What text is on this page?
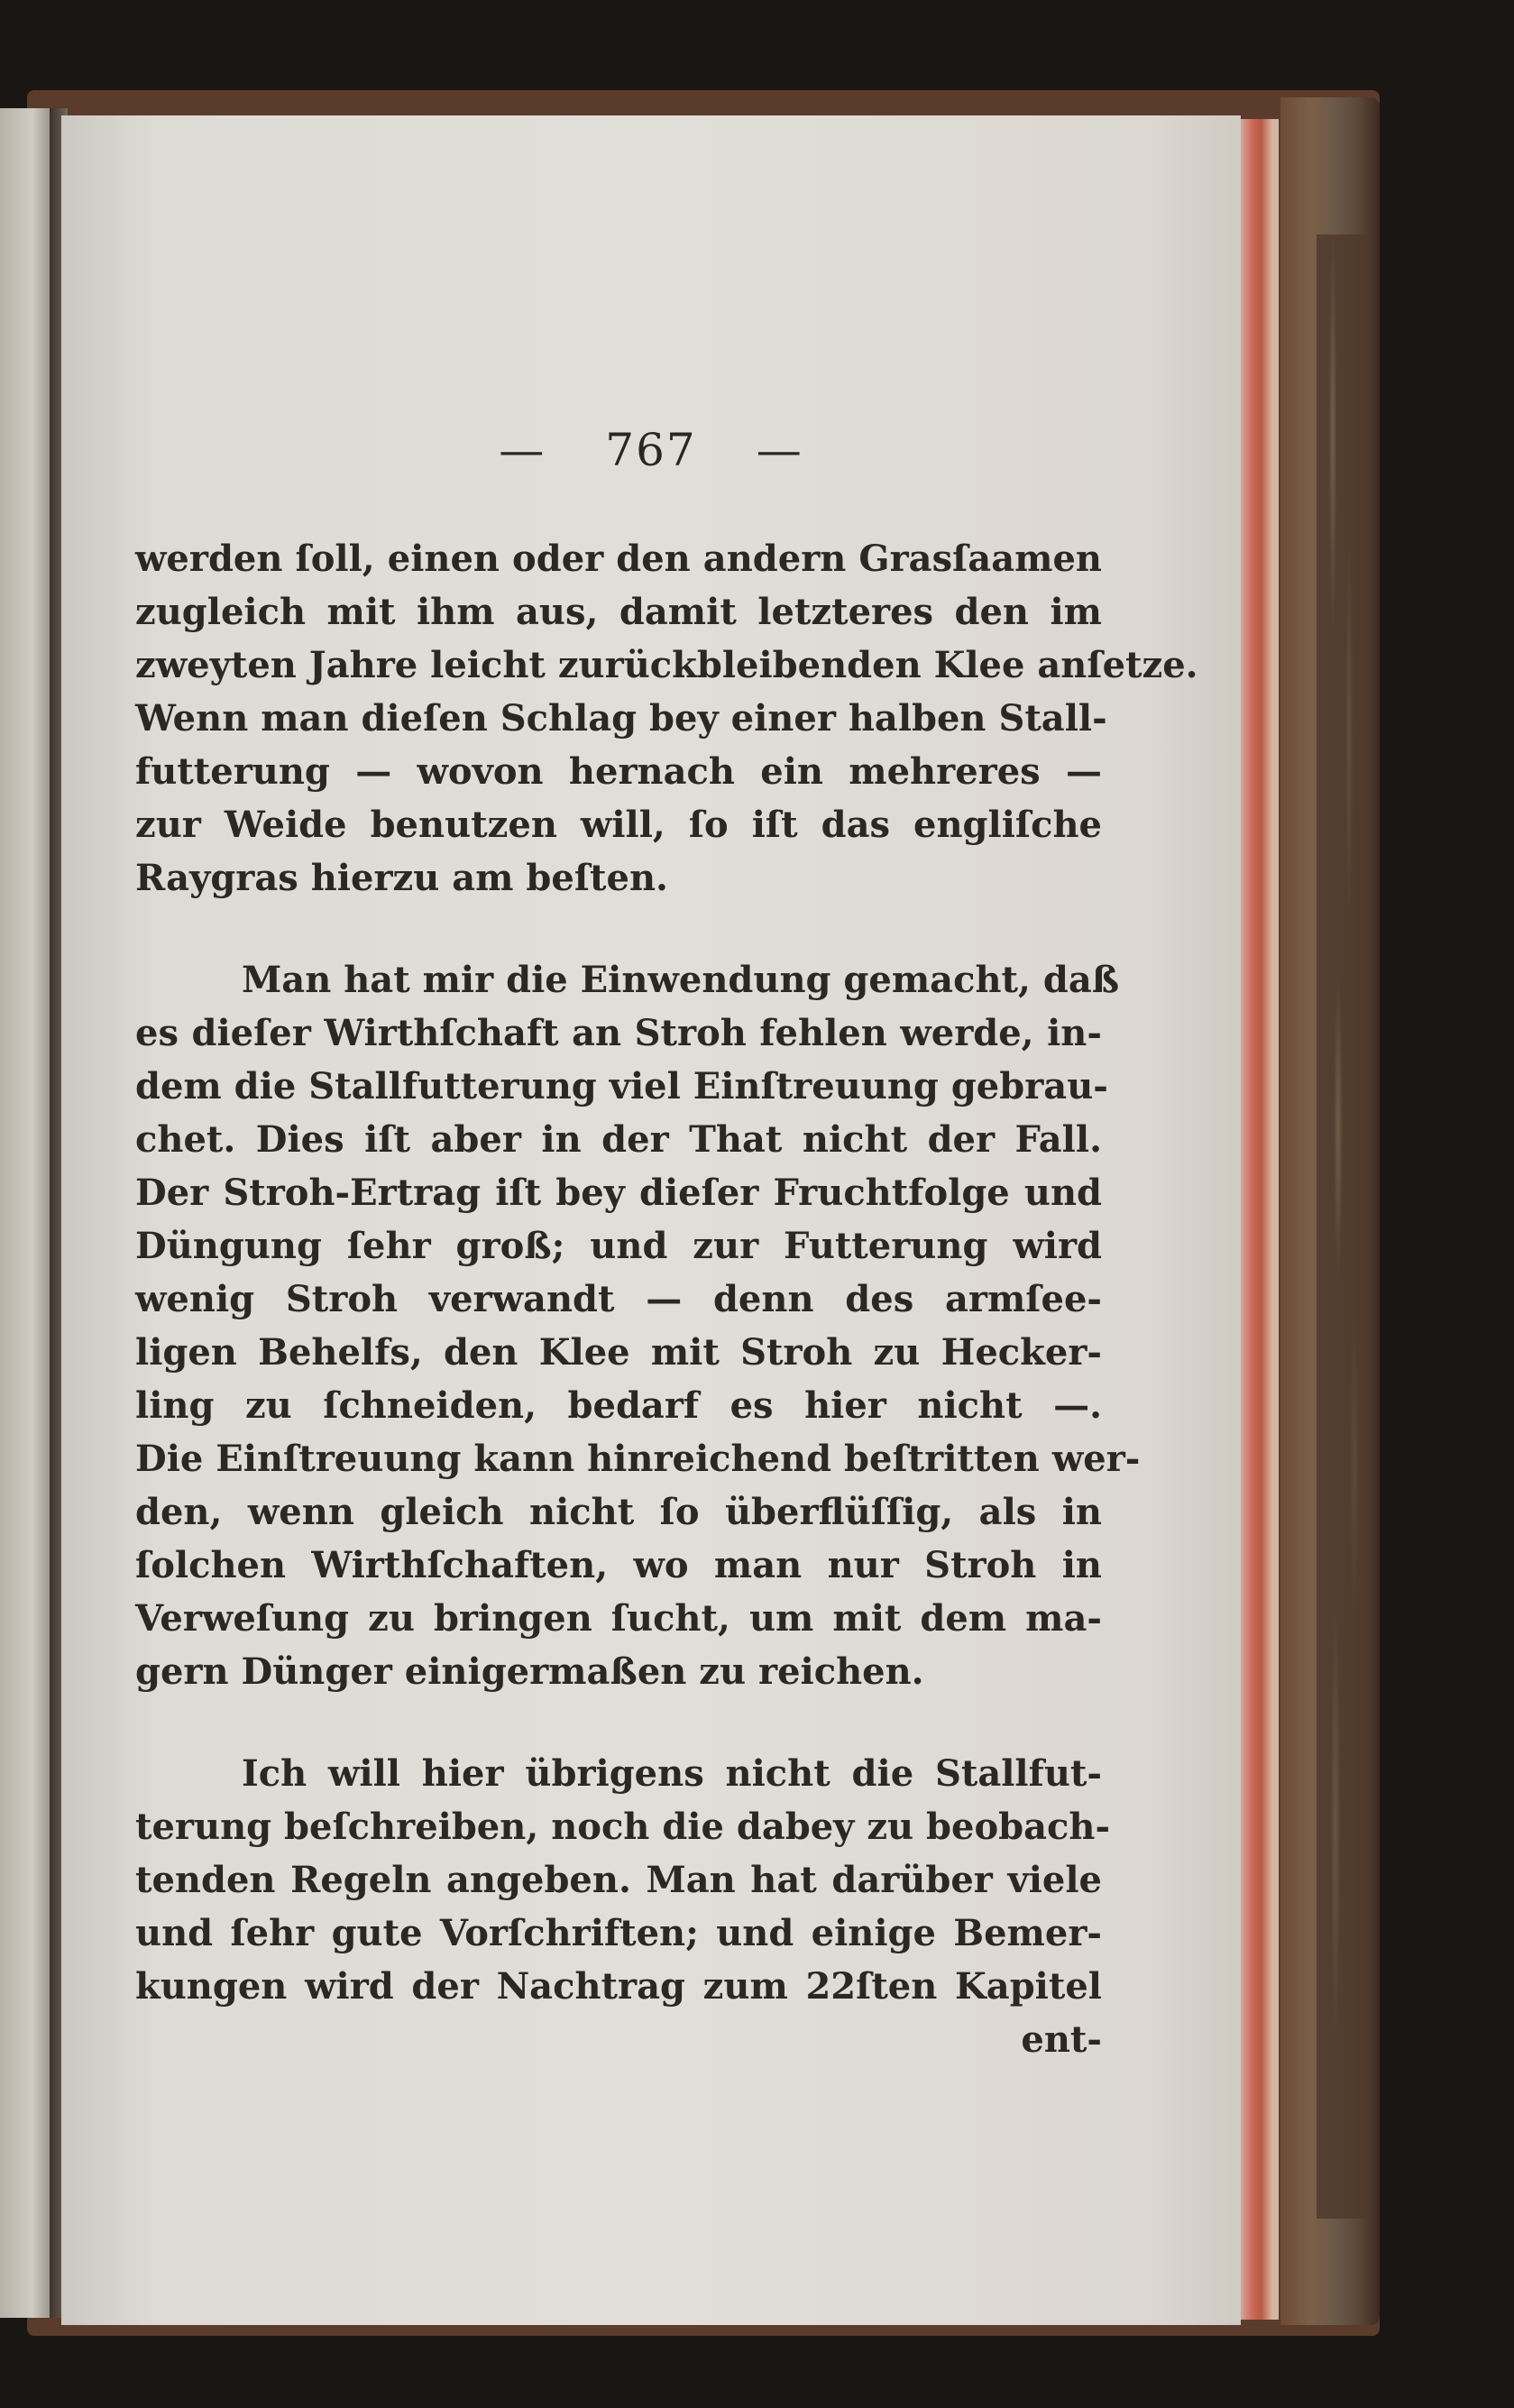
— 767 —
werden ſoll, einen oder den andern Grasſaamen
zugleich mit ihm aus, damit letzteres den im
zweyten Jahre leicht zurückbleibenden Klee anſetze.
Wenn man dieſen Schlag bey einer halben Stall-
futterung — wovon hernach ein mehreres —
zur Weide benutzen will, ſo iſt das engliſche
Raygras hierzu am beſten.
Man hat mir die Einwendung gemacht, daß
es dieſer Wirthſchaft an Stroh fehlen werde, in-
dem die Stallfutterung viel Einſtreuung gebrau-
chet. Dies iſt aber in der That nicht der Fall.
Der Stroh-Ertrag iſt bey dieſer Fruchtfolge und
Düngung ſehr groß; und zur Futterung wird
wenig Stroh verwandt — denn des armſee-
ligen Behelfs, den Klee mit Stroh zu Hecker-
ling zu ſchneiden, bedarf es hier nicht —.
Die Einſtreuung kann hinreichend beſtritten wer-
den, wenn gleich nicht ſo überflüſſig, als in
ſolchen Wirthſchaften, wo man nur Stroh in
Verweſung zu bringen ſucht, um mit dem ma-
gern Dünger einigermaßen zu reichen.
Ich will hier übrigens nicht die Stallfut-
terung beſchreiben, noch die dabey zu beobach-
tenden Regeln angeben. Man hat darüber viele
und ſehr gute Vorſchriften; und einige Bemer-
kungen wird der Nachtrag zum 22ſten Kapitel
ent-
